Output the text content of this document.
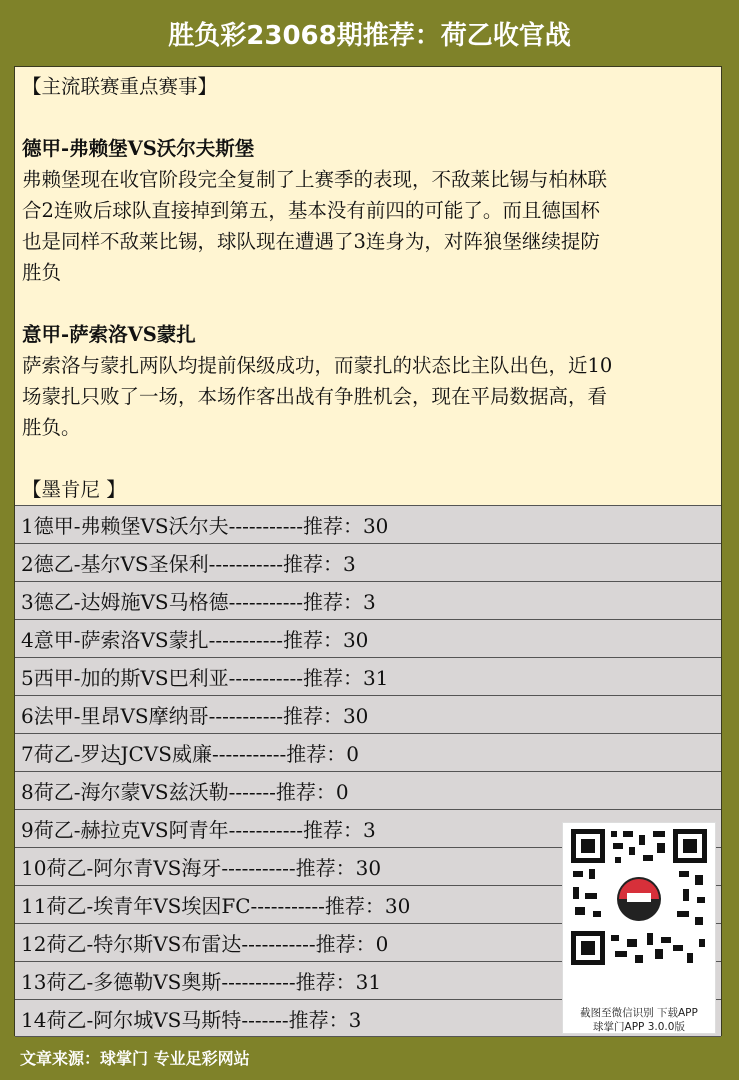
胜负彩23068期推荐：荷乙收官战

【主流联赛重点赛事】

德甲-弗赖堡VS沃尔夫斯堡

弗赖堡现在收官阶段完全复制了上赛季的表现，不敌莱比锡与柏林联

合2连败后球队直接掉到第五，基本没有前四的可能了。而且德国杯

也是同样不敌莱比锡，球队现在遭遇了3连身为，对阵狼堡继续提防

胜负

意甲-萨索洛VS蒙扎

萨索洛与蒙扎两队均提前保级成功，而蒙扎的状态比主队出色，近10

场蒙扎只败了一场，本场作客出战有争胜机会，现在平局数据高，看

胜负。

【墨肯尼 】

1德甲-弗赖堡VS沃尔夫-----------推荐：30
2德乙-基尔VS圣保利-----------推荐：3
3德乙-达姆施VS马格德-----------推荐：3
4意甲-萨索洛VS蒙扎-----------推荐：30
5西甲-加的斯VS巴利亚-----------推荐：31
6法甲-里昂VS摩纳哥-----------推荐：30
7荷乙-罗达JCVS威廉-----------推荐：0
8荷乙-海尔蒙VS兹沃勒-------推荐：0
9荷乙-赫拉克VS阿青年-----------推荐：3
10荷乙-阿尔青VS海牙-----------推荐：30
11荷乙-埃青年VS埃因FC-----------推荐：30
12荷乙-特尔斯VS布雷达-----------推荐：0
13荷乙-多德勒VS奥斯-----------推荐：31
14荷乙-阿尔城VS马斯特-------推荐：3	截图至微信识别 下载APP
球掌门APP 3.0.0版
文章来源：球掌门 专业足彩网站
